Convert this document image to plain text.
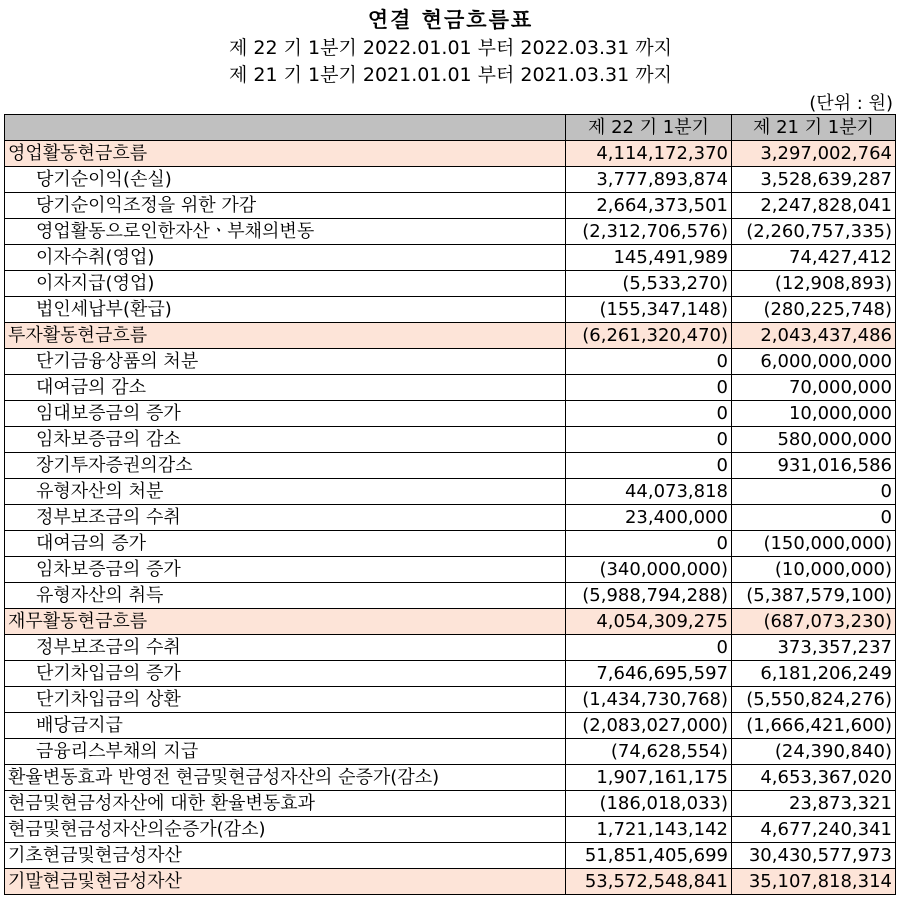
연결 현금흐름표
제 22 기 1분기 2022.01.01 부터 2022.03.31 까지
제 21 기 1분기 2021.01.01 부터 2021.03.31 까지
(단위 : 원)
	제 22 기 1분기	제 21 기 1분기
영업활동현금흐름	4,114,172,370	3,297,002,764
당기순이익(손실)	3,777,893,874	3,528,639,287
당기순이익조정을 위한 가감	2,664,373,501	2,247,828,041
영업활동으로인한자산ㆍ부채의변동	(2,312,706,576)	(2,260,757,335)
이자수취(영업)	145,491,989	74,427,412
이자지급(영업)	(5,533,270)	(12,908,893)
법인세납부(환급)	(155,347,148)	(280,225,748)
투자활동현금흐름	(6,261,320,470)	2,043,437,486
단기금융상품의 처분	0	6,000,000,000
대여금의 감소	0	70,000,000
임대보증금의 증가	0	10,000,000
임차보증금의 감소	0	580,000,000
장기투자증권의감소	0	931,016,586
유형자산의 처분	44,073,818	0
정부보조금의 수취	23,400,000	0
대여금의 증가	0	(150,000,000)
임차보증금의 증가	(340,000,000)	(10,000,000)
유형자산의 취득	(5,988,794,288)	(5,387,579,100)
재무활동현금흐름	4,054,309,275	(687,073,230)
정부보조금의 수취	0	373,357,237
단기차입금의 증가	7,646,695,597	6,181,206,249
단기차입금의 상환	(1,434,730,768)	(5,550,824,276)
배당금지급	(2,083,027,000)	(1,666,421,600)
금융리스부채의 지급	(74,628,554)	(24,390,840)
환율변동효과 반영전 현금및현금성자산의 순증가(감소)	1,907,161,175	4,653,367,020
현금및현금성자산에 대한 환율변동효과	(186,018,033)	23,873,321
현금및현금성자산의순증가(감소)	1,721,143,142	4,677,240,341
기초현금및현금성자산	51,851,405,699	30,430,577,973
기말현금및현금성자산	53,572,548,841	35,107,818,314
